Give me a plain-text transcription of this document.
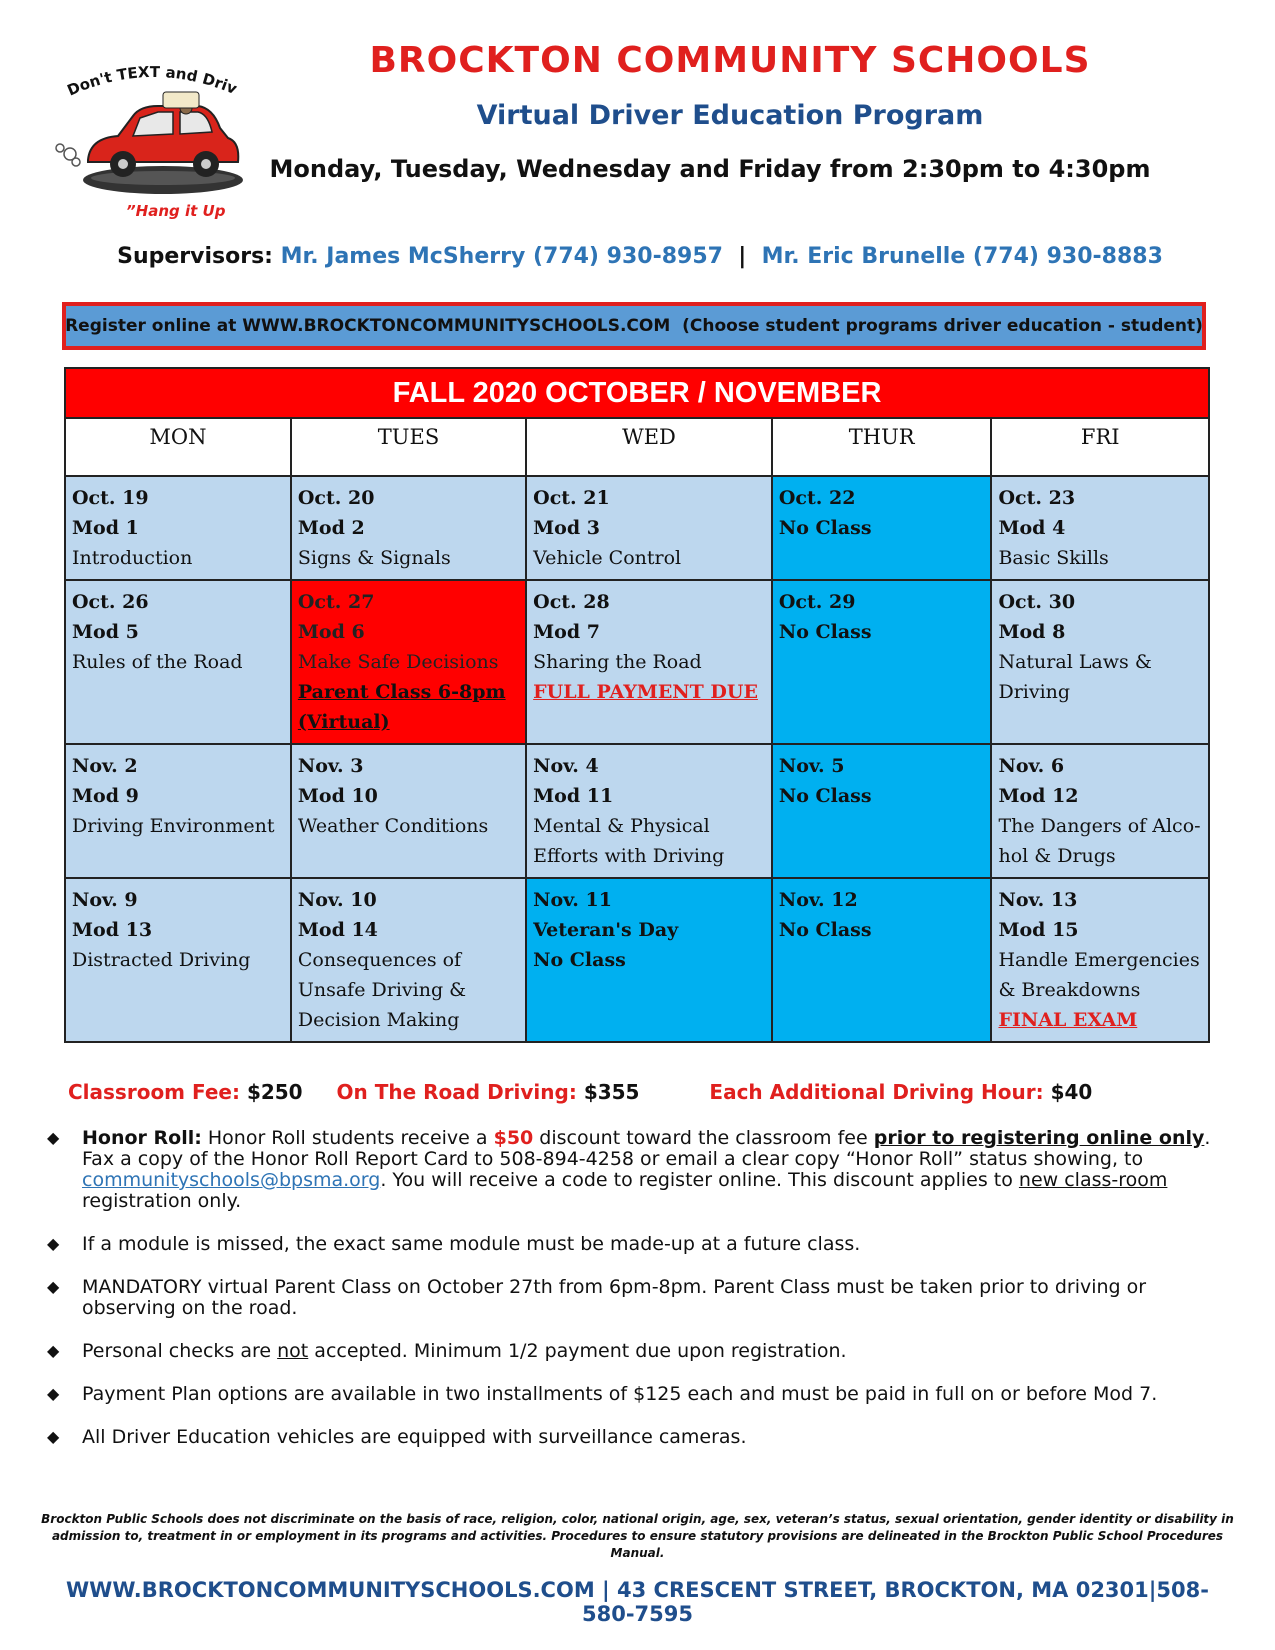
Don't TEXT and Driv
”Hang it Up
BROCKTON COMMUNITY SCHOOLS
Virtual Driver Education Program
Monday, Tuesday, Wednesday and Friday from 2:30pm to 4:30pm
Supervisors: Mr. James McSherry (774) 930-8957 | Mr. Eric Brunelle (774) 930-8883
Register online at WWW.BROCKTONCOMMUNITYSCHOOLS.COM  (Choose student programs driver education - student)
FALL 2020 OCTOBER / NOVEMBER				
MON	TUES	WED	THUR	FRI

Oct. 19
Mod 1
Introduction	Oct. 20
Mod 2
Signs & Signals	Oct. 21
Mod 3
Vehicle Control	Oct. 22
No Class	Oct. 23
Mod 4
Basic Skills

Oct. 26
Mod 5
Rules of the Road	Oct. 27
Mod 6
Make Safe Decisions
Parent Class 6-8pm (Virtual)	Oct. 28
Mod 7
Sharing the Road
FULL PAYMENT DUE	Oct. 29
No Class	Oct. 30
Mod 8
Natural Laws & Driving

Nov. 2
Mod 9
Driving Environment	Nov. 3
Mod 10
Weather Conditions	Nov. 4
Mod 11
Mental & Physical Efforts with Driving	Nov. 5
No Class	Nov. 6
Mod 12
The Dangers of Alco-hol & Drugs

Nov. 9
Mod 13
Distracted Driving	Nov. 10
Mod 14
Consequences of Unsafe Driving & Decision Making	Nov. 11
Veteran's Day
No Class	Nov. 12
No Class	Nov. 13
Mod 15
Handle Emergencies & Breakdowns
FINAL EXAM
Classroom Fee: $250 On The Road Driving: $355	Each Additional Driving Hour: $40
◆ Honor Roll: Honor Roll students receive a $50 discount toward the classroom fee prior to registering online only. Fax a copy of the Honor Roll Report Card to 508-894-4258 or email a clear copy “Honor Roll” status showing, to communityschools@bpsma.org. You will receive a code to register online. This discount applies to new class-room registration only.
◆ If a module is missed, the exact same module must be made-up at a future class.
◆ MANDATORY virtual Parent Class on October 27th from 6pm-8pm. Parent Class must be taken prior to driving or observing on the road.
◆ Personal checks are not accepted. Minimum 1/2 payment due upon registration.
◆ Payment Plan options are available in two installments of $125 each and must be paid in full on or before Mod 7.
◆ All Driver Education vehicles are equipped with surveillance cameras.
Brockton Public Schools does not discriminate on the basis of race, religion, color, national origin, age, sex, veteran’s status, sexual orientation, gender identity or disability in admission to, treatment in or employment in its programs and activities. Procedures to ensure statutory provisions are delineated in the Brockton Public School Procedures Manual.
WWW.BROCKTONCOMMUNITYSCHOOLS.COM | 43 CRESCENT STREET, BROCKTON, MA 02301|508-580-7595
